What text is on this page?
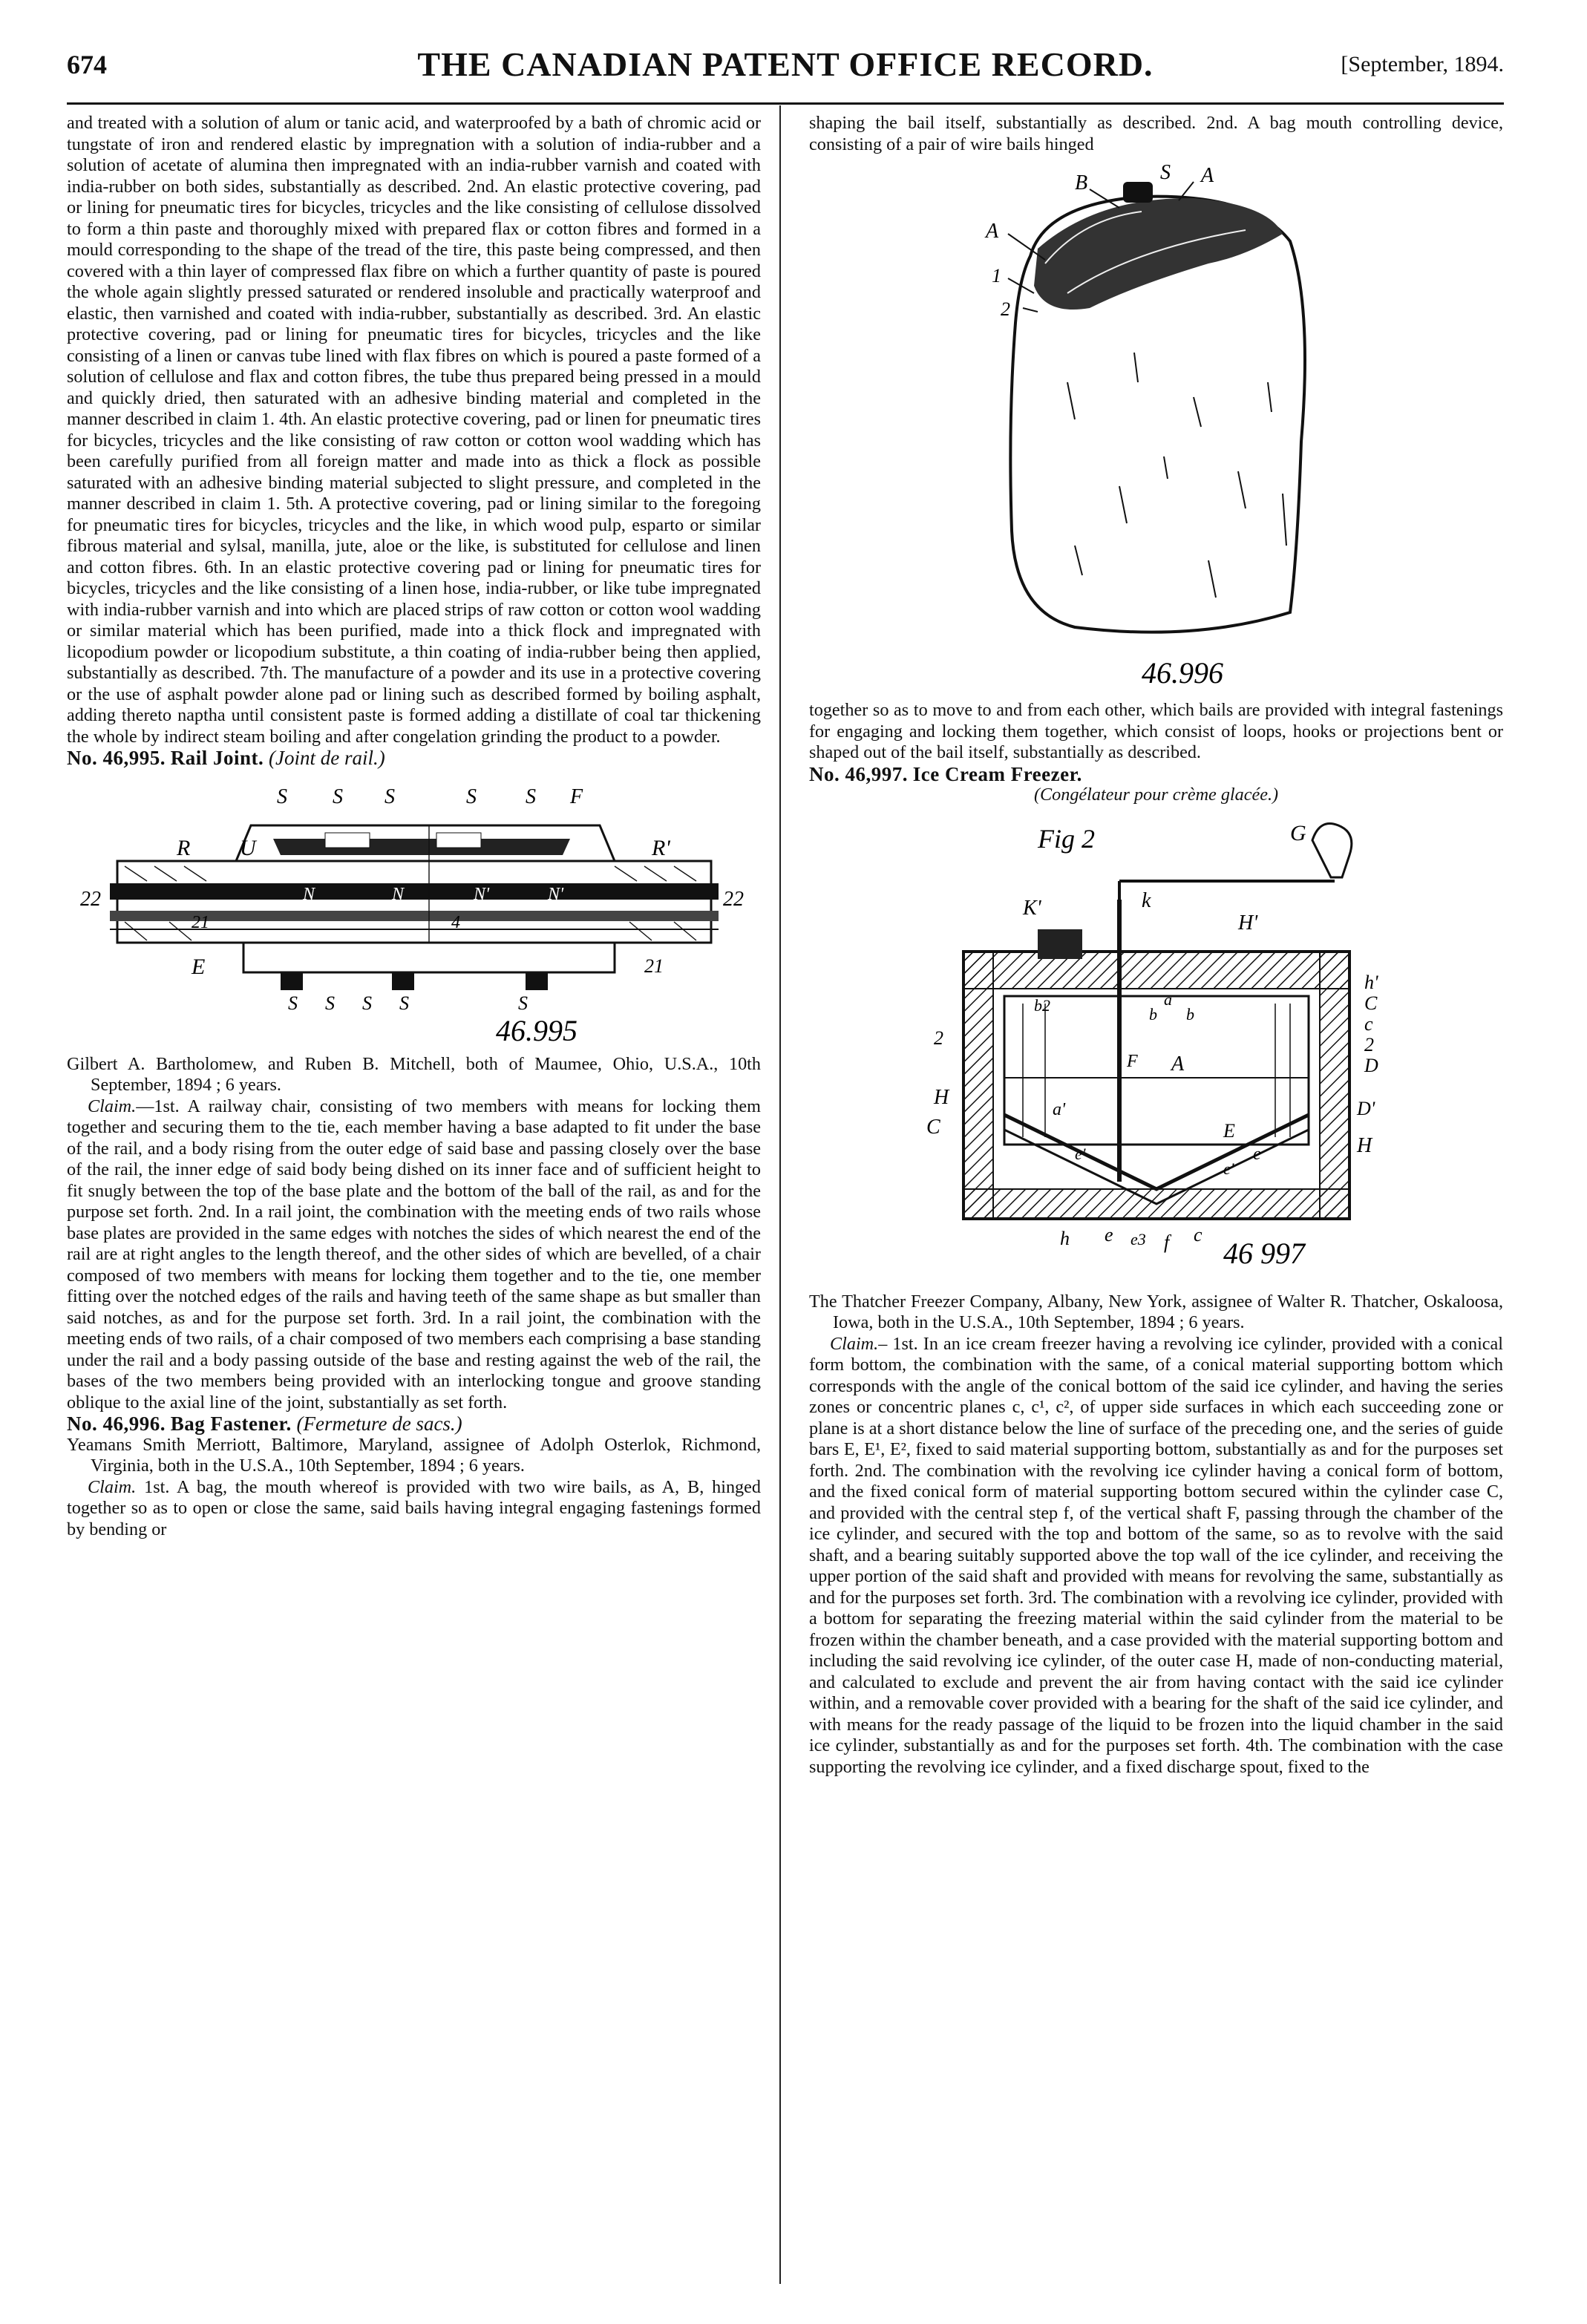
674	THE CANADIAN PATENT OFFICE RECORD.	[September, 1894.

and treated with a solution of alum or tanic acid, and waterproofed by a bath of chromic acid or tungstate of iron and rendered elastic by impregnation with a solution of india-rubber and a solution of acetate of alumina then impregnated with an india-rubber varnish and coated with india-rubber on both sides, substantially as described. 2nd. An elastic protective covering, pad or lining for pneumatic tires for bicycles, tricycles and the like consisting of cellulose dissolved to form a thin paste and thoroughly mixed with prepared flax or cotton fibres and formed in a mould corresponding to the shape of the tread of the tire, this paste being compressed, and then covered with a thin layer of compressed flax fibre on which a further quantity of paste is poured the whole again slightly pressed saturated or rendered insoluble and practically waterproof and elastic, then varnished and coated with india-rubber, substantially as described. 3rd. An elastic protective covering, pad or lining for pneumatic tires for bicycles, tricycles and the like consisting of a linen or canvas tube lined with flax fibres on which is poured a paste formed of a solution of cellulose and flax and cotton fibres, the tube thus prepared being pressed in a mould and quickly dried, then saturated with an adhesive binding material and completed in the manner described in claim 1. 4th. An elastic protective covering, pad or linen for pneumatic tires for bicycles, tricycles and the like consisting of raw cotton or cotton wool wadding which has been carefully purified from all foreign matter and made into as thick a flock as possible saturated with an adhesive binding material subjected to slight pressure, and completed in the manner described in claim 1. 5th. A protective covering, pad or lining similar to the foregoing for pneumatic tires for bicycles, tricycles and the like, in which wood pulp, esparto or similar fibrous material and sylsal, manilla, jute, aloe or the like, is substituted for cellulose and linen and cotton fibres. 6th. In an elastic protective covering pad or lining for pneumatic tires for bicycles, tricycles and the like consisting of a linen hose, india-rubber, or like tube impregnated with india-rubber varnish and into which are placed strips of raw cotton or cotton wool wadding or similar material which has been purified, made into a thick flock and impregnated with licopodium powder or licopodium substitute, a thin coating of india-rubber being then applied, substantially as described. 7th. The manufacture of a powder and its use in a protective covering or the use of asphalt powder alone pad or lining such as described formed by boiling asphalt, adding thereto naptha until consistent paste is formed adding a distillate of coal tar thickening the whole by indirect steam boiling and after congelation grinding the product to a powder.

No. 46,995. Rail Joint. (Joint de rail.)

S S S	S S F
R U	R'
N	N	N'	N'
22	22
21
21
4
E
S S S S	S
46.995

Gilbert A. Bartholomew, and Ruben B. Mitchell, both of Maumee, Ohio, U.S.A., 10th September, 1894 ; 6 years.

Claim.—1st. A railway chair, consisting of two members with means for locking them together and securing them to the tie, each member having a base adapted to fit under the base of the rail, and a body rising from the outer edge of said base and passing closely over the base of the rail, the inner edge of said body being dished on its inner face and of sufficient height to fit snugly between the top of the base plate and the bottom of the ball of the rail, as and for the purpose set forth. 2nd. In a rail joint, the combination with the meeting ends of two rails whose base plates are provided in the same edges with notches the sides of which nearest the end of the rail are at right angles to the length thereof, and the other sides of which are bevelled, of a chair composed of two members with means for locking them together and to the tie, one member fitting over the notched edges of the rails and having teeth of the same shape as but smaller than said notches, as and for the purpose set forth. 3rd. In a rail joint, the combination with the meeting ends of two rails, of a chair composed of two members each comprising a base standing under the rail and a body passing outside of the base and resting against the web of the rail, the bases of the two members being provided with an interlocking tongue and groove standing oblique to the axial line of the joint, substantially as set forth.

No. 46,996. Bag Fastener. (Fermeture de sacs.)

Yeamans Smith Merriott, Baltimore, Maryland, assignee of Adolph Osterlok, Richmond, Virginia, both in the U.S.A., 10th September, 1894 ; 6 years.

Claim. 1st. A bag, the mouth whereof is provided with two wire bails, as A, B, hinged together so as to open or close the same, said bails having integral engaging fastenings formed by bending or

shaping the bail itself, substantially as described. 2nd. A bag mouth controlling device, consisting of a pair of wire bails hinged

B	S A
A
1
2
46.996

together so as to move to and from each other, which bails are provided with integral fastenings for engaging and locking them together, which consist of loops, hooks or projections bent or shaped out of the bail itself, substantially as described.

No. 46,997. Ice Cream Freezer.

(Congélateur pour crème glacée.)

Fig 2	G
K'	k
H'
b2	a
b b
h'
C
c
2
F A	D
2
H
C
a'
E
e
D'
H
h e e3 f c
e'
e'
46 997

The Thatcher Freezer Company, Albany, New York, assignee of Walter R. Thatcher, Oskaloosa, Iowa, both in the U.S.A., 10th September, 1894 ; 6 years.

Claim.– 1st. In an ice cream freezer having a revolving ice cylinder, provided with a conical form bottom, the combination with the same, of a conical material supporting bottom which corresponds with the angle of the conical bottom of the said ice cylinder, and having the series zones or concentric planes c, c¹, c², of upper side surfaces in which each succeeding zone or plane is at a short distance below the line of surface of the preceding one, and the series of guide bars E, E¹, E², fixed to said material supporting bottom, substantially as and for the purposes set forth. 2nd. The combination with the revolving ice cylinder having a conical form of bottom, and the fixed conical form of material supporting bottom secured within the cylinder case C, and provided with the central step f, of the vertical shaft F, passing through the chamber of the ice cylinder, and secured with the top and bottom of the same, so as to revolve with the said shaft, and a bearing suitably supported above the top wall of the ice cylinder, and receiving the upper portion of the said shaft and provided with means for revolving the same, substantially as and for the purposes set forth. 3rd. The combination with a revolving ice cylinder, provided with a bottom for separating the freezing material within the said cylinder from the material to be frozen within the chamber beneath, and a case provided with the material supporting bottom and including the said revolving ice cylinder, of the outer case H, made of non-conducting material, and calculated to exclude and prevent the air from having contact with the said ice cylinder within, and a removable cover provided with a bearing for the shaft of the said ice cylinder, and with means for the ready passage of the liquid to be frozen into the liquid chamber in the said ice cylinder, substantially as and for the purposes set forth. 4th. The combination with the case supporting the revolving ice cylinder, and a fixed discharge spout, fixed to the
